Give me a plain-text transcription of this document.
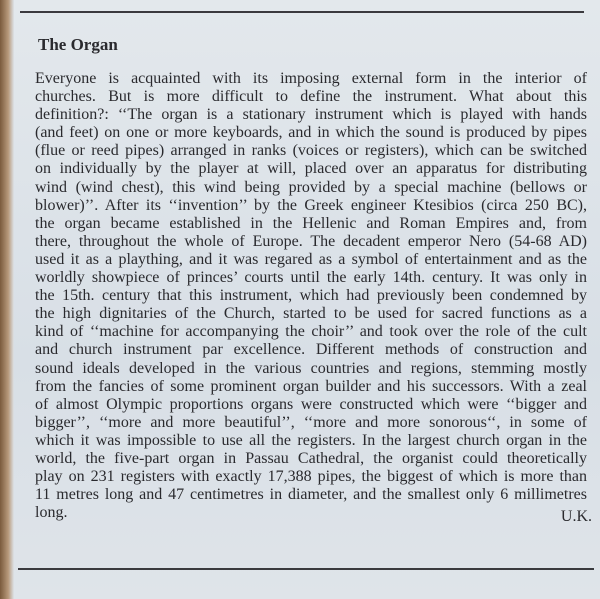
The Organ
Everyone is acquainted with its imposing external form in the interior of
churches. But is more difficult to define the instrument. What about this
definition?: ‘‘The organ is a stationary instrument which is played with hands
(and feet) on one or more keyboards, and in which the sound is produced by pipes
(flue or reed pipes) arranged in ranks (voices or registers), which can be switched
on individually by the player at will, placed over an apparatus for distributing
wind (wind chest), this wind being provided by a special machine (bellows or
blower)’’. After its ‘‘invention’’ by the Greek engineer Ktesibios (circa 250 BC),
the organ became established in the Hellenic and Roman Empires and, from
there, throughout the whole of Europe. The decadent emperor Nero (54-68 AD)
used it as a plaything, and it was regared as a symbol of entertainment and as the
worldly showpiece of princes’ courts until the early 14th. century. It was only in
the 15th. century that this instrument, which had previously been condemned by
the high dignitaries of the Church, started to be used for sacred functions as a
kind of ‘‘machine for accompanying the choir’’ and took over the role of the cult
and church instrument par excellence. Different methods of construction and
sound ideals developed in the various countries and regions, stemming mostly
from the fancies of some prominent organ builder and his successors. With a zeal
of almost Olympic proportions organs were constructed which were ‘‘bigger and
bigger’’, ‘‘more and more beautiful’’, ‘‘more and more sonorous‘‘, in some of
which it was impossible to use all the registers. In the largest church organ in the
world, the five-part organ in Passau Cathedral, the organist could theoretically
play on 231 registers with exactly 17,388 pipes, the biggest of which is more than
11 metres long and 47 centimetres in diameter, and the smallest only 6 millimetres
long.	U.K.
